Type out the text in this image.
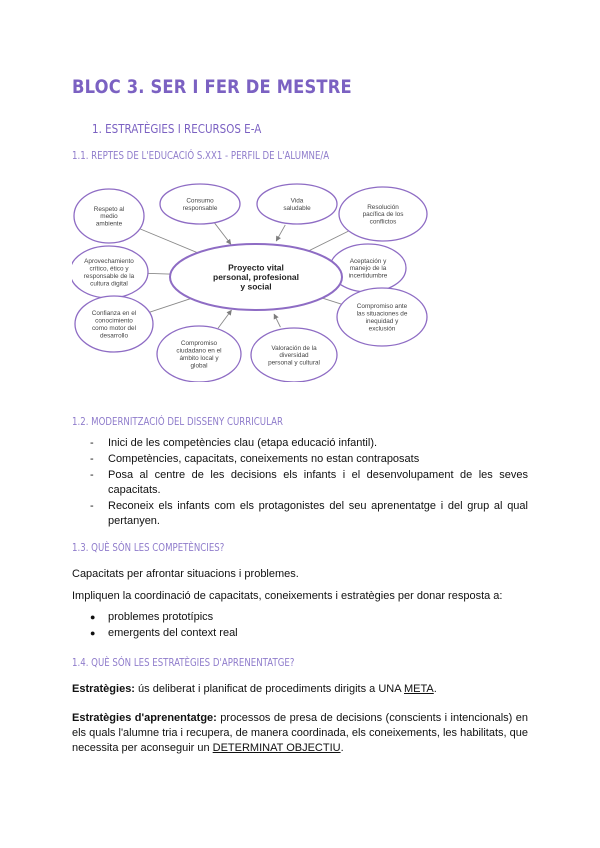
BLOC 3. SER I FER DE MESTRE
1. ESTRATÈGIES I RECURSOS E-A
1.1. REPTES DE L'EDUCACIÓ S.XX1 - PERFIL DE L'ALUMNE/A
Respeto al medio ambiente
Consumo responsable
Vida saludable	Resolución pacífica de los conflictos
Aprovechamiento crítico, ético y responsable de la cultura digital
Aceptación y manejo de la incertidumbre
Confianza en el conocimiento como motor del desarrollo
Compromiso ciudadano en el ámbito local y global
Valoración de la diversidad personal y cultural
Compromiso ante las situaciones de inequidad y exclusión
Proyecto vital personal, profesional y social
1.2. MODERNITZACIÓ DEL DISSENY CURRICULAR
- Inici de les competències clau (etapa educació infantil).
- Competències, capacitats, coneixements no estan contraposats
- Posa al centre de les decisions els infants i el desenvolupament de les seves capacitats.
- Reconeix els infants com els protagonistes del seu aprenentatge i del grup al qual pertanyen.
1.3. QUÈ SÓN LES COMPETÈNCIES?

Capacitats per afrontar situacions i problemes.

Impliquen la coordinació de capacitats, coneixements i estratègies per donar resposta a:

● problemes prototípics
● emergents del context real
1.4. QUÈ SÓN LES ESTRATÈGIES D'APRENENTATGE?

Estratègies: ús deliberat i planificat de procediments dirigits a UNA META.

Estratègies d'aprenentatge: processos de presa de decisions (conscients i intencionals) en els quals l'alumne tria i recupera, de manera coordinada, els coneixements, les habilitats, que necessita per aconseguir un DETERMINAT OBJECTIU.
